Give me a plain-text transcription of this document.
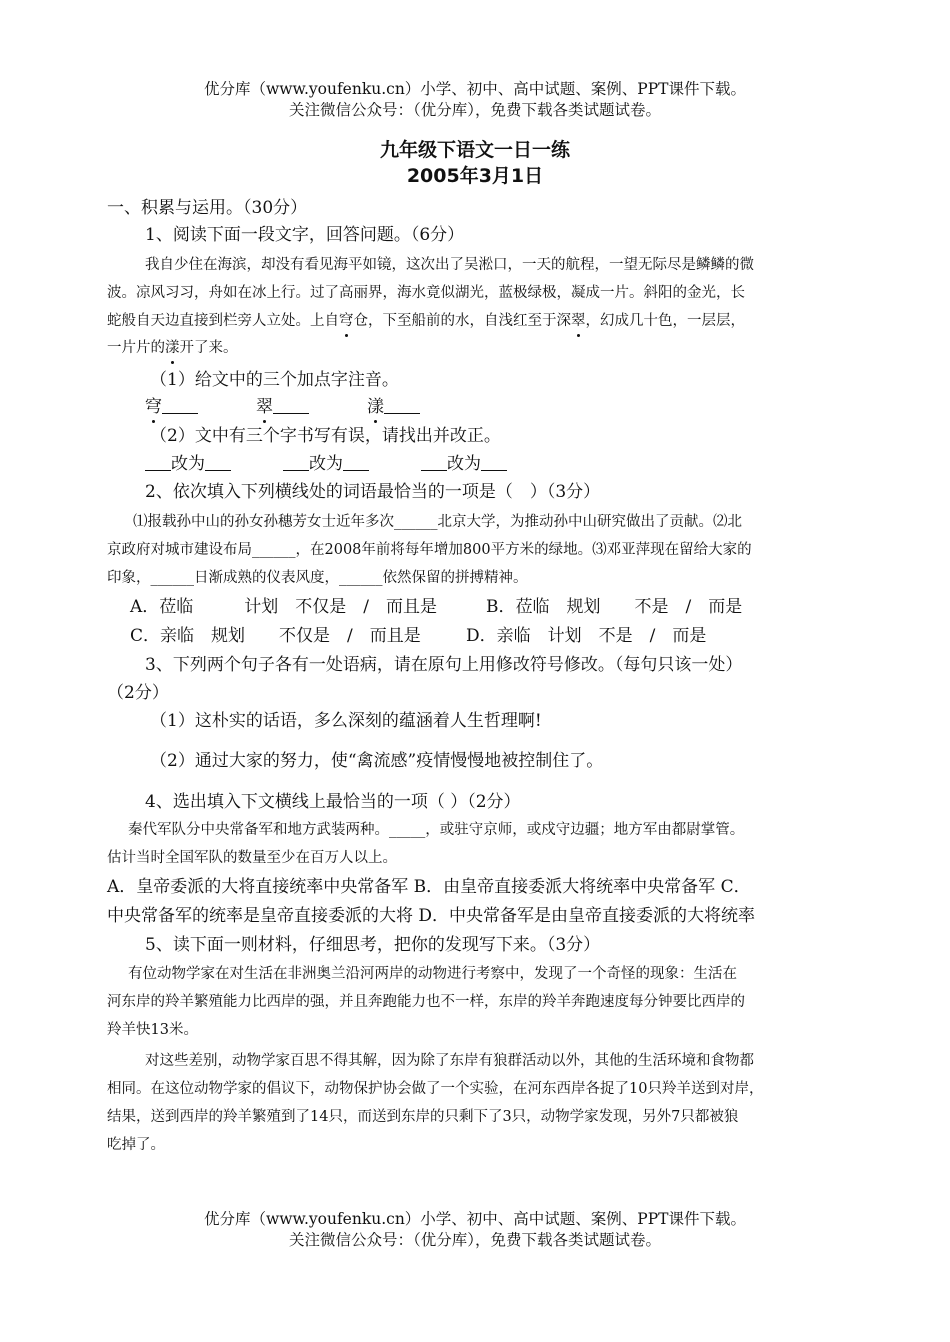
优分库（www.youfenku.cn）小学、初中、高中试题、案例、PPT课件下载。
关注微信公众号：（优分库），免费下载各类试题试卷。
九年级下语文一日一练
2005年3月1日
一、积累与运用。（30分）
1、阅读下面一段文字，回答问题。（6分）
我自少住在海滨，却没有看见海平如镜，这次出了吴淞口，一天的航程，一望无际尽是鳞鳞的微
波。凉风习习，舟如在冰上行。过了高丽界，海水竟似湖光，蓝极绿极，凝成一片。斜阳的金光，长
蛇般自天边直接到栏旁人立处。上自穹仓，下至船前的水，自浅红至于深翠，幻成几十色，一层层，
一片片的漾开了来。
（1）给文中的三个加点字注音。
穹	翠	漾
（2）文中有三个字书写有误，请找出并改正。
改为	改为	改为
2、依次填入下列横线处的词语最恰当的一项是（　）（3分）
⑴报载孙中山的孙女孙穗芳女士近年多次______北京大学，为推动孙中山研究做出了贡献。⑵北
京政府对城市建设布局______，在2008年前将每年增加800平方米的绿地。⑶邓亚萍现在留给大家的
印象，______日渐成熟的仪表风度，______依然保留的拼搏精神。
A．莅临　　　计划　不仅是　/　而且是	B．莅临　规划　　不是　/　而是
C．亲临　规划　　不仅是　/　而且是	D．亲临　计划　不是　/　而是
3、下列两个句子各有一处语病，请在原句上用修改符号修改。（每句只该一处）
（2分）
（1）这朴实的话语，多么深刻的蕴涵着人生哲理啊!
（2）通过大家的努力，使“禽流感”疫情慢慢地被控制住了。
4、选出填入下文横线上最恰当的一项（ ）（2分）
秦代军队分中央常备军和地方武装两种。_____，或驻守京师，或戍守边疆；地方军由都尉掌管。
估计当时全国军队的数量至少在百万人以上。
A．皇帝委派的大将直接统率中央常备军 B．由皇帝直接委派大将统率中央常备军 C．
中央常备军的统率是皇帝直接委派的大将 D．中央常备军是由皇帝直接委派的大将统率
5、读下面一则材料，仔细思考，把你的发现写下来。（3分）
有位动物学家在对生活在非洲奥兰沿河两岸的动物进行考察中，发现了一个奇怪的现象：生活在
河东岸的羚羊繁殖能力比西岸的强，并且奔跑能力也不一样，东岸的羚羊奔跑速度每分钟要比西岸的
羚羊快13米。
对这些差别，动物学家百思不得其解，因为除了东岸有狼群活动以外，其他的生活环境和食物都
相同。在这位动物学家的倡议下，动物保护协会做了一个实验，在河东西岸各捉了10只羚羊送到对岸，
结果，送到西岸的羚羊繁殖到了14只，而送到东岸的只剩下了3只，动物学家发现，另外7只都被狼
吃掉了。
优分库（www.youfenku.cn）小学、初中、高中试题、案例、PPT课件下载。
关注微信公众号：（优分库），免费下载各类试题试卷。
